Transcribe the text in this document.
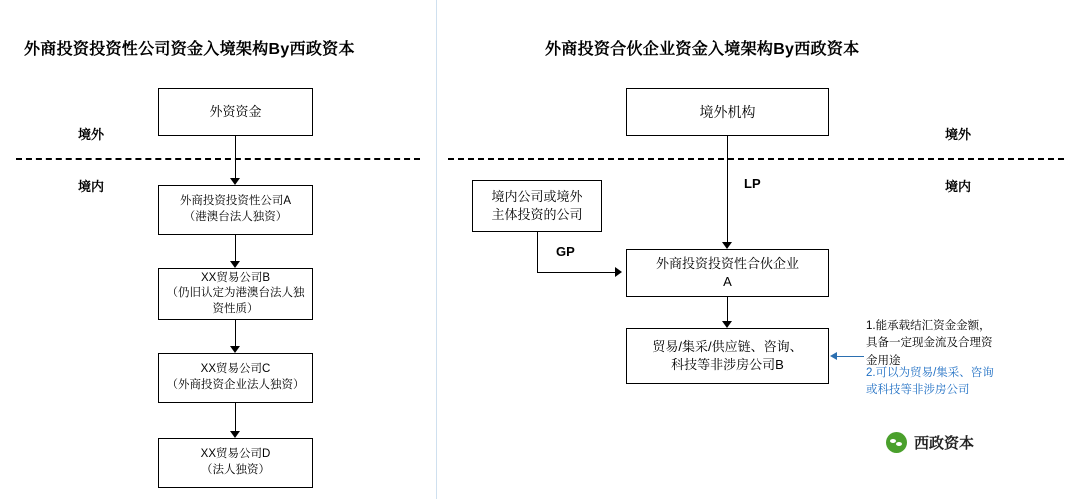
外商投资投资性公司资金入境架构By西政资本
境外
境内
外资资金
外商投资投资性公司A
（港澳台法人独资）
XX贸易公司B
（仍旧认定为港澳台法人独资性质）
XX贸易公司C
（外商投资企业法人独资）
XX贸易公司D
（法人独资）
外商投资合伙企业资金入境架构By西政资本
境外
境内
境外机构
LP
境内公司或境外
主体投资的公司
GP
外商投资投资性合伙企业
A
贸易/集采/供应链、咨询、
科技等非涉房公司B
1.能承载结汇资金金额，具备一定现金流及合理资金用途
2.可以为贸易/集采、咨询或科技等非涉房公司
西政资本
